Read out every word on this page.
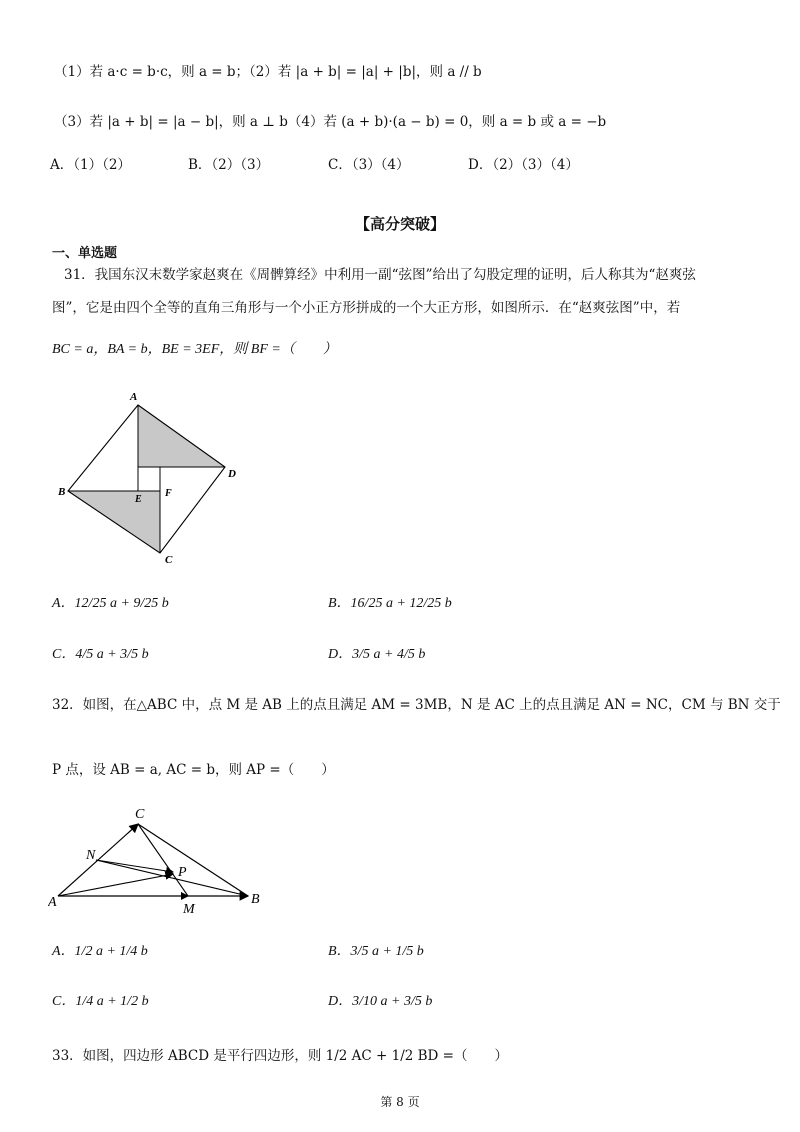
（1）若 a·c = b·c，则 a = b；（2）若 |a + b| = |a| + |b|，则 a // b
（3）若 |a + b| = |a − b|，则 a ⊥ b（4）若 (a + b)·(a − b) = 0，则 a = b 或 a = −b
A．（1）（2）	B．（2）（3）	C．（3）（4）	D．（2）（3）（4）
【高分突破】
一、单选题
31．我国东汉末数学家赵爽在《周髀算经》中利用一副“弦图”给出了勾股定理的证明，后人称其为“赵爽弦
图”，它是由四个全等的直角三角形与一个小正方形拼成的一个大正方形，如图所示．在“赵爽弦图”中，若
BC = a，BA = b，BE = 3EF，则 BF =（　　）
A
B
C
D
E
F
A．12/25 a + 9/25 b	B．16/25 a + 12/25 b
C．4/5 a + 3/5 b	D．3/5 a + 4/5 b
32．如图，在△ABC 中，点 M 是 AB 上的点且满足 AM = 3MB，N 是 AC 上的点且满足 AN = NC，CM 与 BN 交于
P 点，设 AB = a, AC = b，则 AP =（　　）
A	B
C
N
P
M
A．1/2 a + 1/4 b	B．3/5 a + 1/5 b
C．1/4 a + 1/2 b	D．3/10 a + 3/5 b
33．如图，四边形 ABCD 是平行四边形，则 1/2 AC + 1/2 BD =（　　）
第 8 页
